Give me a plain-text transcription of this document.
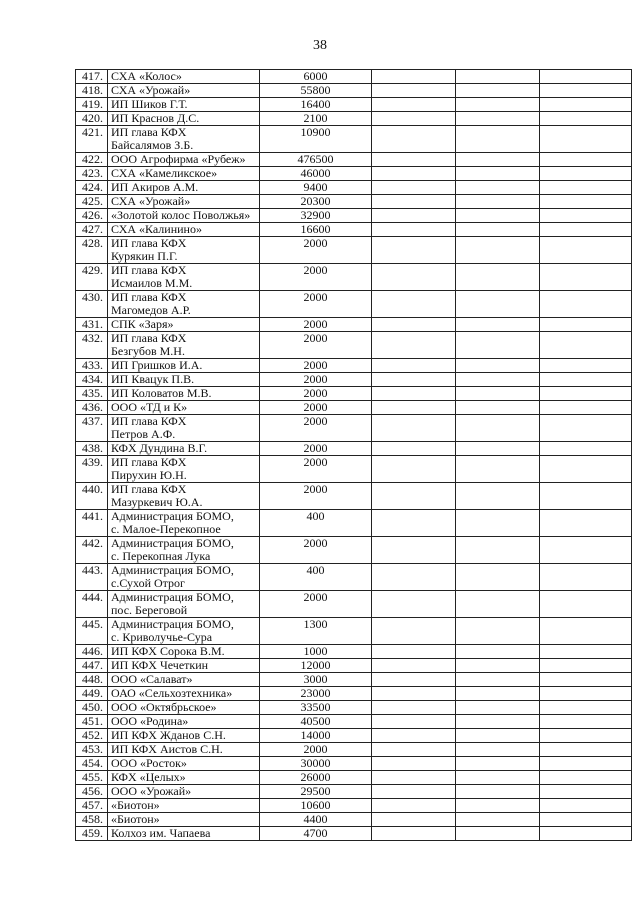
38
417.	СХА «Колос»	6000			
418.	СХА «Урожай»	55800			
419.	ИП Шиков Г.Т.	16400			
420.	ИП Краснов Д.С.	2100			
421.	ИП глава КФХ
Байсалямов З.Б.	10900			
422.	ООО Агрофирма «Рубеж»	476500			
423.	СХА «Камеликское»	46000			
424.	ИП Акиров А.М.	9400			
425.	СХА «Урожай»	20300			
426.	«Золотой колос Поволжья»	32900			
427.	СХА «Калинино»	16600			
428.	ИП глава КФХ
Курякин П.Г.	2000			
429.	ИП глава КФХ
Исмаилов М.М.	2000			
430.	ИП глава КФХ
Магомедов А.Р.	2000			
431.	СПК «Заря»	2000			
432.	ИП глава КФХ
Безгубов М.Н.	2000			
433.	ИП Гришков И.А.	2000			
434.	ИП Квацук П.В.	2000			
435.	ИП Коловатов М.В.	2000			
436.	ООО «ТД и К»	2000			
437.	ИП глава КФХ
Петров А.Ф.	2000			
438.	КФХ Дундина В.Г.	2000			
439.	ИП глава КФХ
Пирухин Ю.Н.	2000			
440.	ИП глава КФХ
Мазуркевич Ю.А.	2000			
441.	Администрация БОМО,
с. Малое-Перекопное	400			
442.	Администрация БОМО,
с. Перекопная Лука	2000			
443.	Администрация БОМО,
с.Сухой Отрог	400			
444.	Администрация БОМО,
пос. Береговой	2000			
445.	Администрация БОМО,
с. Криволучье-Сура	1300			
446.	ИП КФХ Сорока В.М.	1000			
447.	ИП КФХ Чечеткин	12000			
448.	ООО «Салават»	3000			
449.	ОАО «Сельхозтехника»	23000			
450.	ООО «Октябрьское»	33500			
451.	ООО «Родина»	40500			
452.	ИП КФХ Жданов С.Н.	14000			
453.	ИП КФХ Аистов С.Н.	2000			
454.	ООО «Росток»	30000			
455.	КФХ «Целых»	26000			
456.	ООО «Урожай»	29500			
457.	«Биотон»	10600			
458.	«Биотон»	4400			
459.	Колхоз им. Чапаева	4700			
